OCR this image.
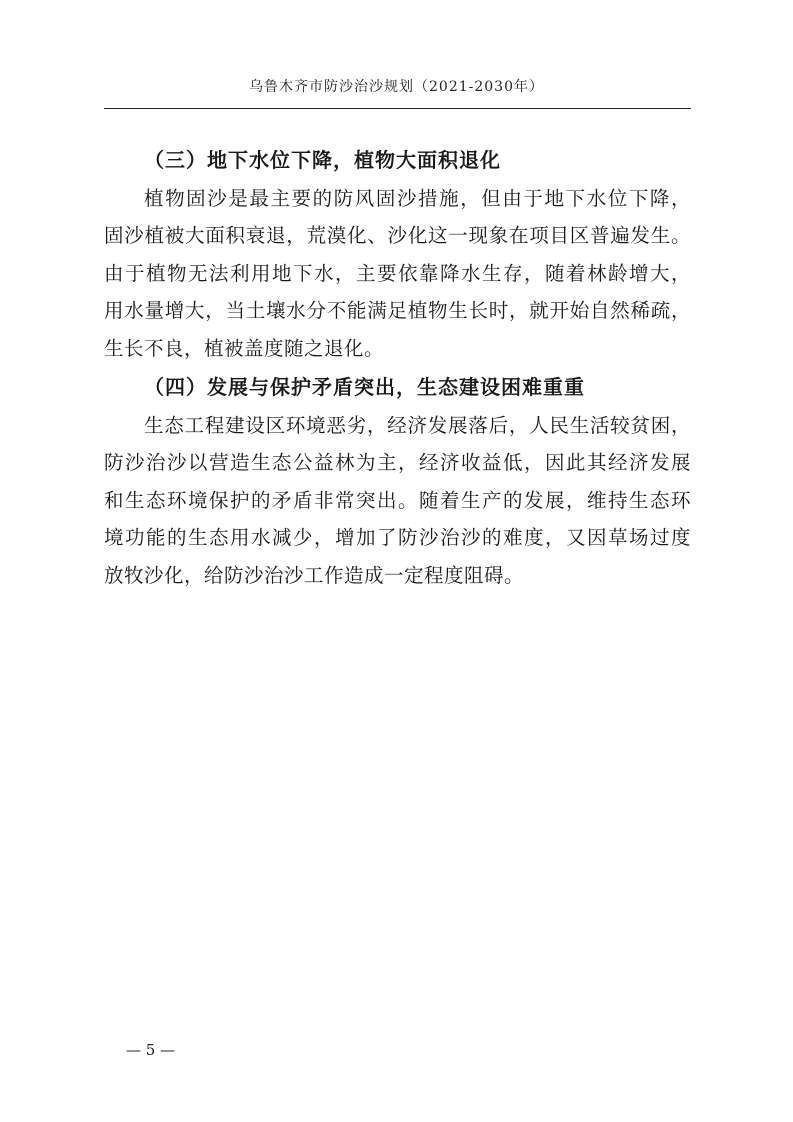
乌鲁木齐市防沙治沙规划（2021-2030年）
（三）地下水位下降，植物大面积退化
植物固沙是最主要的防风固沙措施，但由于地下水位下降，
固沙植被大面积衰退，荒漠化、沙化这一现象在项目区普遍发生。
由于植物无法利用地下水，主要依靠降水生存，随着林龄增大，
用水量增大，当土壤水分不能满足植物生长时，就开始自然稀疏，
生长不良，植被盖度随之退化。
（四）发展与保护矛盾突出，生态建设困难重重
生态工程建设区环境恶劣，经济发展落后，人民生活较贫困，
防沙治沙以营造生态公益林为主，经济收益低，因此其经济发展
和生态环境保护的矛盾非常突出。随着生产的发展，维持生态环
境功能的生态用水减少，增加了防沙治沙的难度，又因草场过度
放牧沙化，给防沙治沙工作造成一定程度阻碍。
— 5 —
